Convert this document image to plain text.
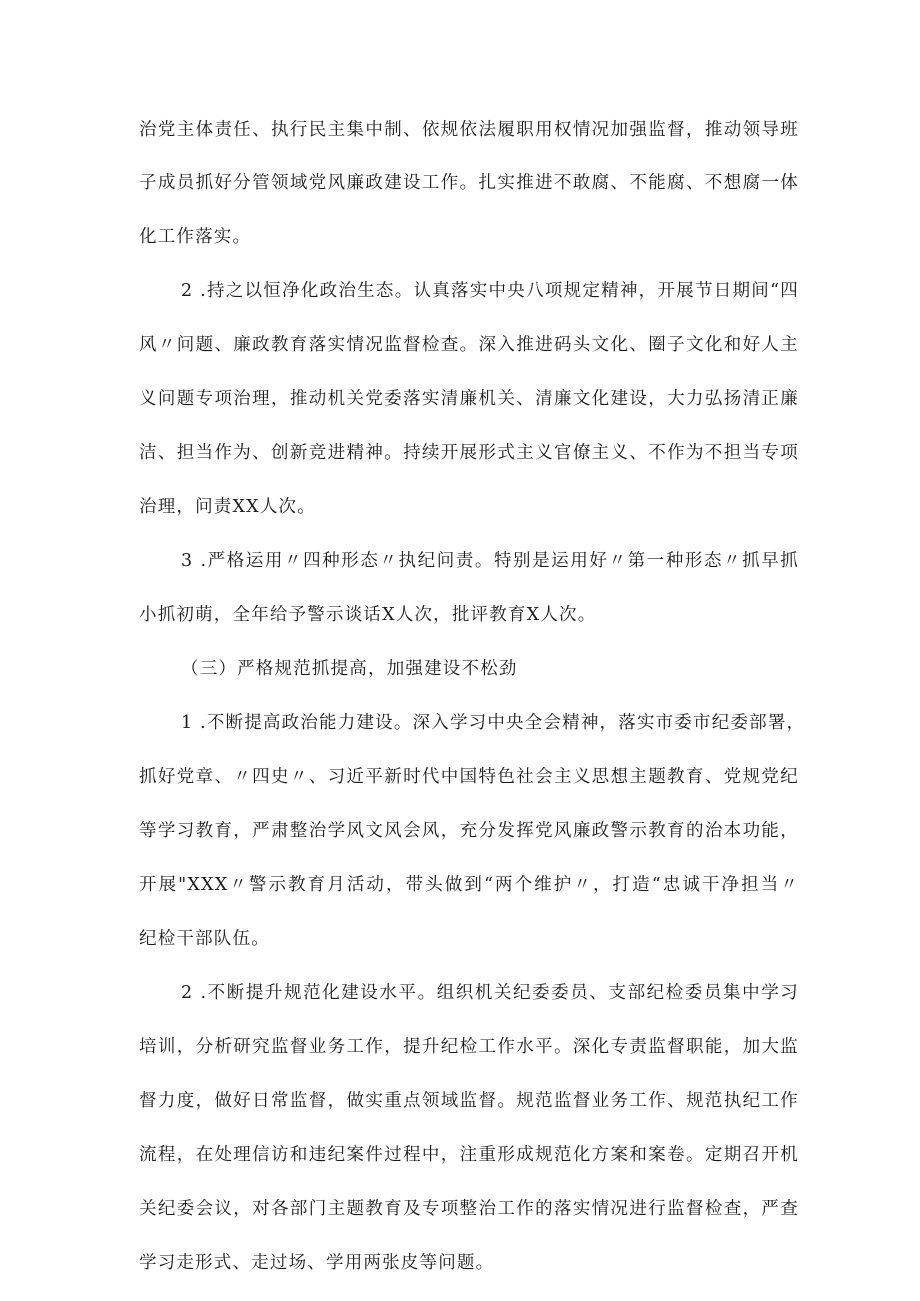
治党主体责任、执行民主集中制、依规依法履职用权情况加强监督，推动领导班
子成员抓好分管领域党风廉政建设工作。扎实推进不敢腐、不能腐、不想腐一体
化工作落实。
2 .持之以恒净化政治生态。认真落实中央八项规定精神，开展节日期间“四
风〃问题、廉政教育落实情况监督检查。深入推进码头文化、圈子文化和好人主
义问题专项治理，推动机关党委落实清廉机关、清廉文化建设，大力弘扬清正廉
洁、担当作为、创新竞进精神。持续开展形式主义官僚主义、不作为不担当专项
治理，问责XX人次。
3 .严格运用〃四种形态〃执纪问责。特别是运用好〃第一种形态〃抓早抓
小抓初萌，全年给予警示谈话X人次，批评教育X人次。
（三）严格规范抓提高，加强建设不松劲
1 .不断提高政治能力建设。深入学习中央全会精神，落实市委市纪委部署，
抓好党章、〃四史〃、习近平新时代中国特色社会主义思想主题教育、党规党纪
等学习教育，严肃整治学风文风会风，充分发挥党风廉政警示教育的治本功能，
开展"XXX〃警示教育月活动，带头做到“两个维护〃，打造“忠诚干净担当〃
纪检干部队伍。
2 .不断提升规范化建设水平。组织机关纪委委员、支部纪检委员集中学习
培训，分析研究监督业务工作，提升纪检工作水平。深化专责监督职能，加大监
督力度，做好日常监督，做实重点领域监督。规范监督业务工作、规范执纪工作
流程，在处理信访和违纪案件过程中，注重形成规范化方案和案卷。定期召开机
关纪委会议，对各部门主题教育及专项整治工作的落实情况进行监督检查，严查
学习走形式、走过场、学用两张皮等问题。
